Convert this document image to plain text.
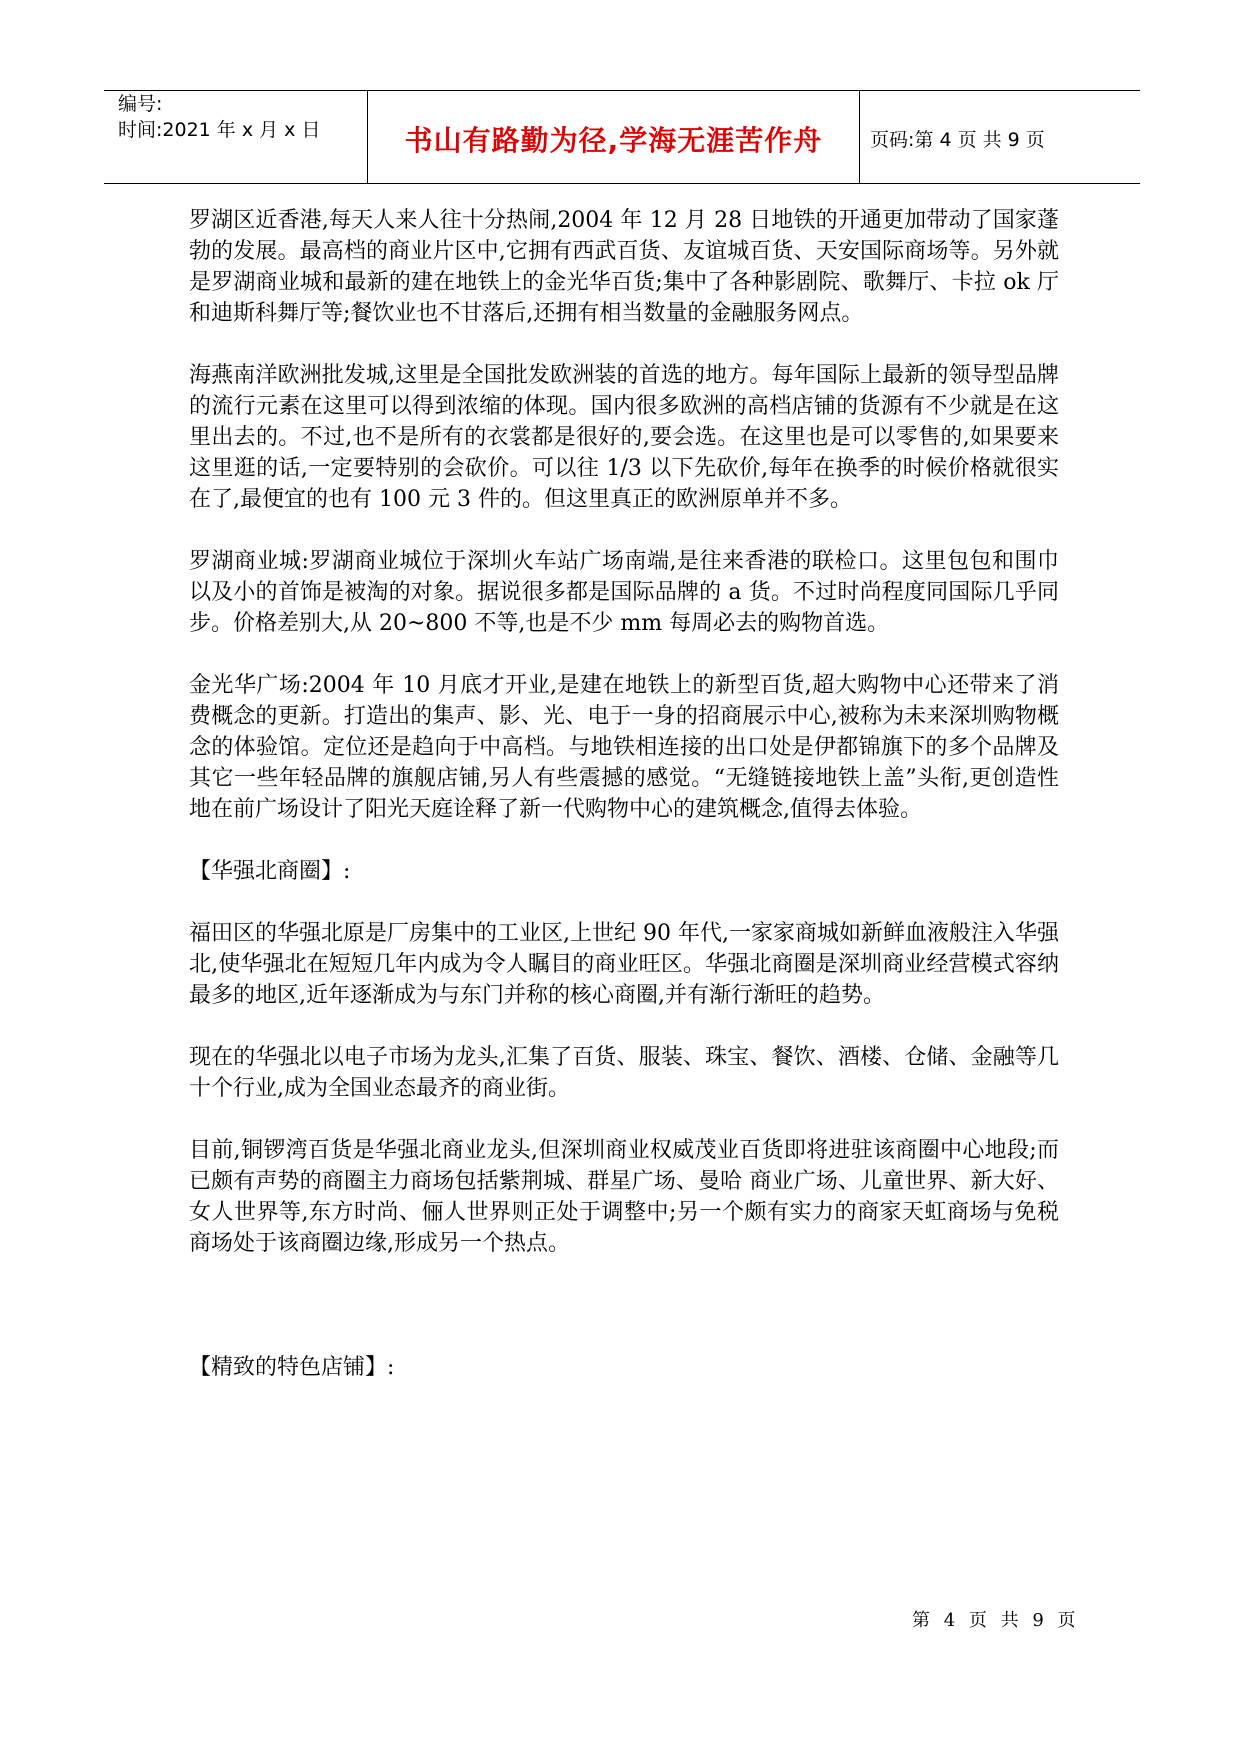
编号:
时间:2021 年 x 月 x 日	书山有路勤为径,学海无涯苦作舟	页码:第 4 页 共 9 页

罗湖区近香港,每天人来人往十分热闹,2004 年 12 月 28 日地铁的开通更加带动了国家蓬勃的发展。最高档的商业片区中,它拥有西武百货、友谊城百货、天安国际商场等。另外就是罗湖商业城和最新的建在地铁上的金光华百货;集中了各种影剧院、歌舞厅、卡拉 ok 厅和迪斯科舞厅等;餐饮业也不甘落后,还拥有相当数量的金融服务网点。

海燕南洋欧洲批发城,这里是全国批发欧洲装的首选的地方。每年国际上最新的领导型品牌的流行元素在这里可以得到浓缩的体现。国内很多欧洲的高档店铺的货源有不少就是在这里出去的。不过,也不是所有的衣裳都是很好的,要会选。在这里也是可以零售的,如果要来这里逛的话,一定要特别的会砍价。可以往 1/3 以下先砍价,每年在换季的时候价格就很实在了,最便宜的也有 100 元 3 件的。但这里真正的欧洲原单并不多。

罗湖商业城:罗湖商业城位于深圳火车站广场南端,是往来香港的联检口。这里包包和围巾以及小的首饰是被淘的对象。据说很多都是国际品牌的 a 货。不过时尚程度同国际几乎同步。价格差别大,从 20~800 不等,也是不少 mm 每周必去的购物首选。

金光华广场:2004 年 10 月底才开业,是建在地铁上的新型百货,超大购物中心还带来了消费概念的更新。打造出的集声、影、光、电于一身的招商展示中心,被称为未来深圳购物概念的体验馆。定位还是趋向于中高档。与地铁相连接的出口处是伊都锦旗下的多个品牌及其它一些年轻品牌的旗舰店铺,另人有些震撼的感觉。“无缝链接地铁上盖”头衔,更创造性地在前广场设计了阳光天庭诠释了新一代购物中心的建筑概念,值得去体验。

【华强北商圈】:

福田区的华强北原是厂房集中的工业区,上世纪 90 年代,一家家商城如新鲜血液般注入华强北,使华强北在短短几年内成为令人瞩目的商业旺区。华强北商圈是深圳商业经营模式容纳最多的地区,近年逐渐成为与东门并称的核心商圈,并有渐行渐旺的趋势。

现在的华强北以电子市场为龙头,汇集了百货、服装、珠宝、餐饮、酒楼、仓储、金融等几十个行业,成为全国业态最齐的商业街。

目前,铜锣湾百货是华强北商业龙头,但深圳商业权威茂业百货即将进驻该商圈中心地段;而已颇有声势的商圈主力商场包括紫荆城、群星广场、曼哈 商业广场、儿童世界、新大好、女人世界等,东方时尚、俪人世界则正处于调整中;另一个颇有实力的商家天虹商场与免税商场处于该商圈边缘,形成另一个热点。

【精致的特色店铺】:

第 4 页 共 9 页
